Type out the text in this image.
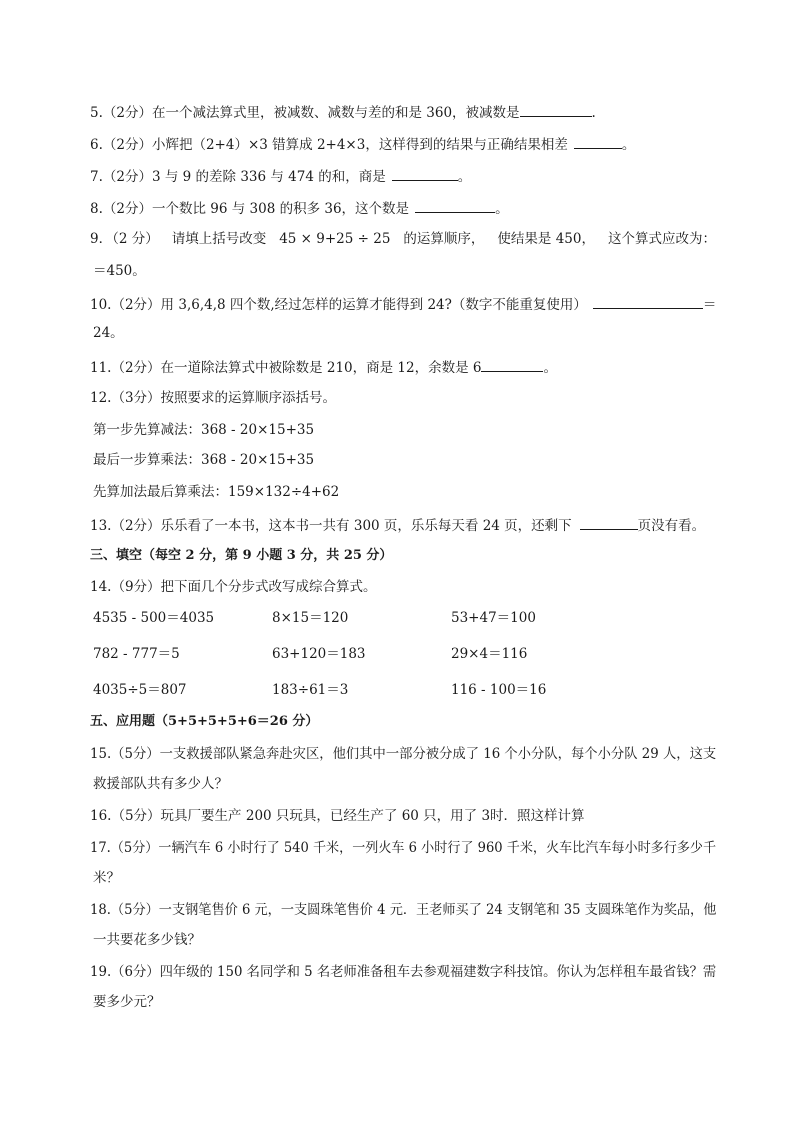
5.（2分）在一个减法算式里，被减数、减数与差的和是 360，被减数是	.
6.（2分）小辉把（2+4）×3 错算成 2+4×3，这样得到的结果与正确结果相差	。
7.（2分）3 与 9 的差除 336 与 474 的和，商是	。
8.（2分）一个数比 96 与 308 的积多 36，这个数是	。
9．（2 分） 请填上括号改变 45 × 9+25 ÷ 25 的运算顺序， 使结果是 450， 这个算式应改为：
＝450。
10.（2分）用 3,6,4,8 四个数,经过怎样的运算才能得到 24?（数字不能重复使用）	＝
24。
11.（2分）在一道除法算式中被除数是 210，商是 12，余数是 6	。
12.（3分）按照要求的运算顺序添括号。
第一步先算减法：368 - 20×15+35
最后一步算乘法：368 - 20×15+35
先算加法最后算乘法：159×132÷4+62
13.（2分）乐乐看了一本书，这本书一共有 300 页，乐乐每天看 24 页，还剩下	页没有看。
三、填空（每空 2 分，第 9 小题 3 分，共 25 分）
14.（9分）把下面几个分步式改写成综合算式。
4535 - 500＝4035	8×15＝120	53+47＝100
782 - 777＝5	63+120＝183	29×4＝116
4035÷5＝807	183÷61＝3	116 - 100＝16
五、应用题（5+5+5+5+6＝26 分）
15.（5分）一支救援部队紧急奔赴灾区，他们其中一部分被分成了 16 个小分队，每个小分队 29 人，这支
救援部队共有多少人？
16.（5分）玩具厂要生产 200 只玩具，已经生产了 60 只，用了 3时．照这样计算
17.（5分）一辆汽车 6 小时行了 540 千米，一列火车 6 小时行了 960 千米，火车比汽车每小时多行多少千
米？
18.（5分）一支钢笔售价 6 元，一支圆珠笔售价 4 元．王老师买了 24 支钢笔和 35 支圆珠笔作为奖品，他
一共要花多少钱？
19.（6分）四年级的 150 名同学和 5 名老师准备租车去参观福建数字科技馆。你认为怎样租车最省钱？需
要多少元？
